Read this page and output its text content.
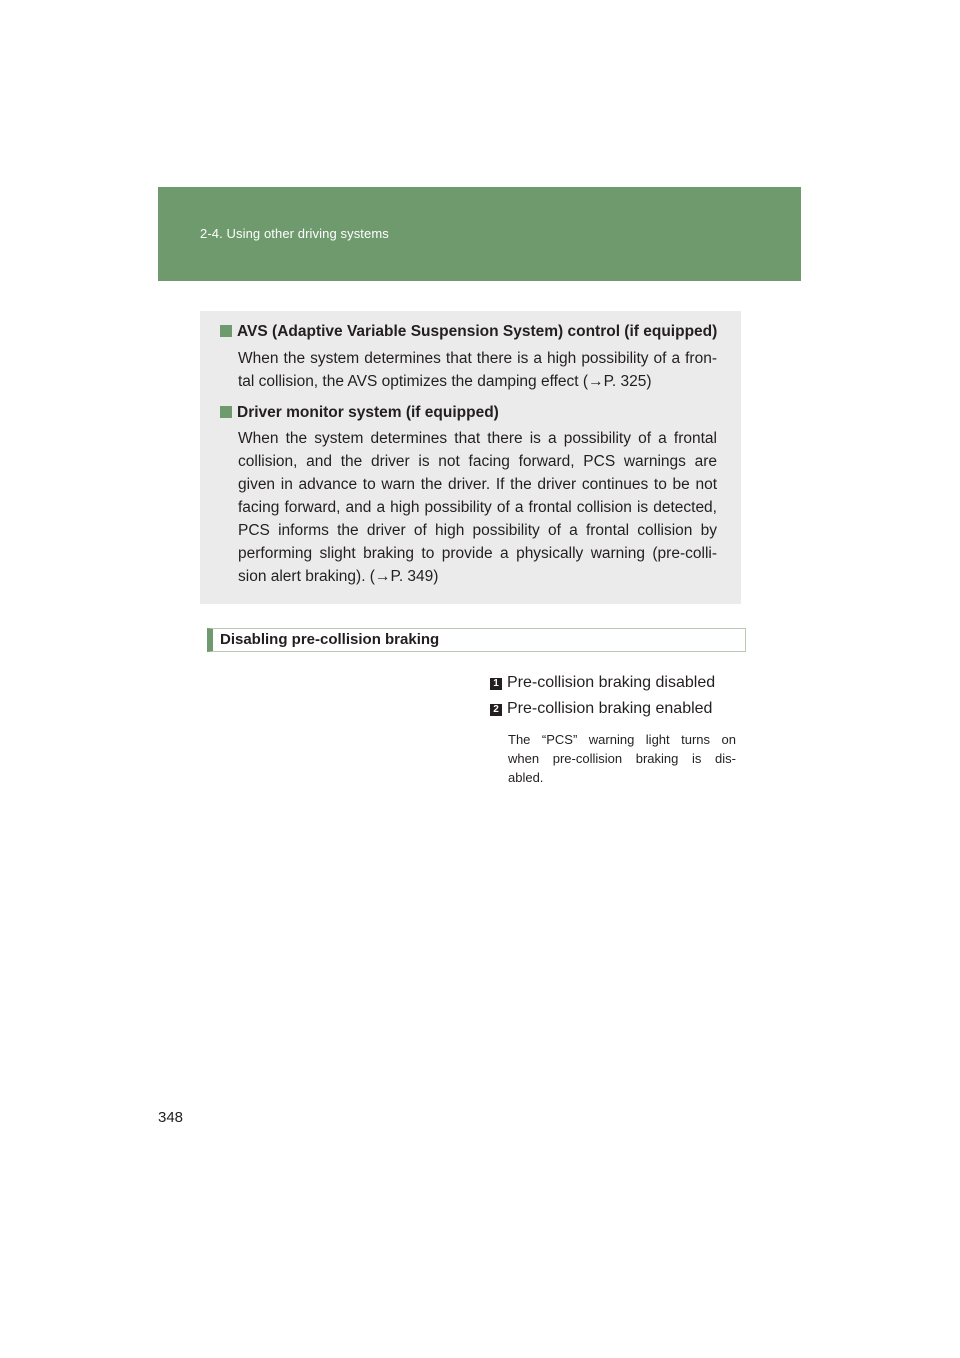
2-4. Using other driving systems
AVS (Adaptive Variable Suspension System) control (if equipped)
When the system determines that there is a high possibility of a fron-
tal collision, the AVS optimizes the damping effect (→P. 325)
Driver monitor system (if equipped)
When the system determines that there is a possibility of a frontal
collision, and the driver is not facing forward, PCS warnings are
given in advance to warn the driver. If the driver continues to be not
facing forward, and a high possibility of a frontal collision is detected,
PCS informs the driver of high possibility of a frontal collision by
performing slight braking to provide a physically warning (pre-colli-
sion alert braking). (→P. 349)
Disabling pre-collision braking
1 Pre-collision braking disabled
2 Pre-collision braking enabled
The “PCS” warning light turns on
when pre-collision braking is dis-
abled.
348
